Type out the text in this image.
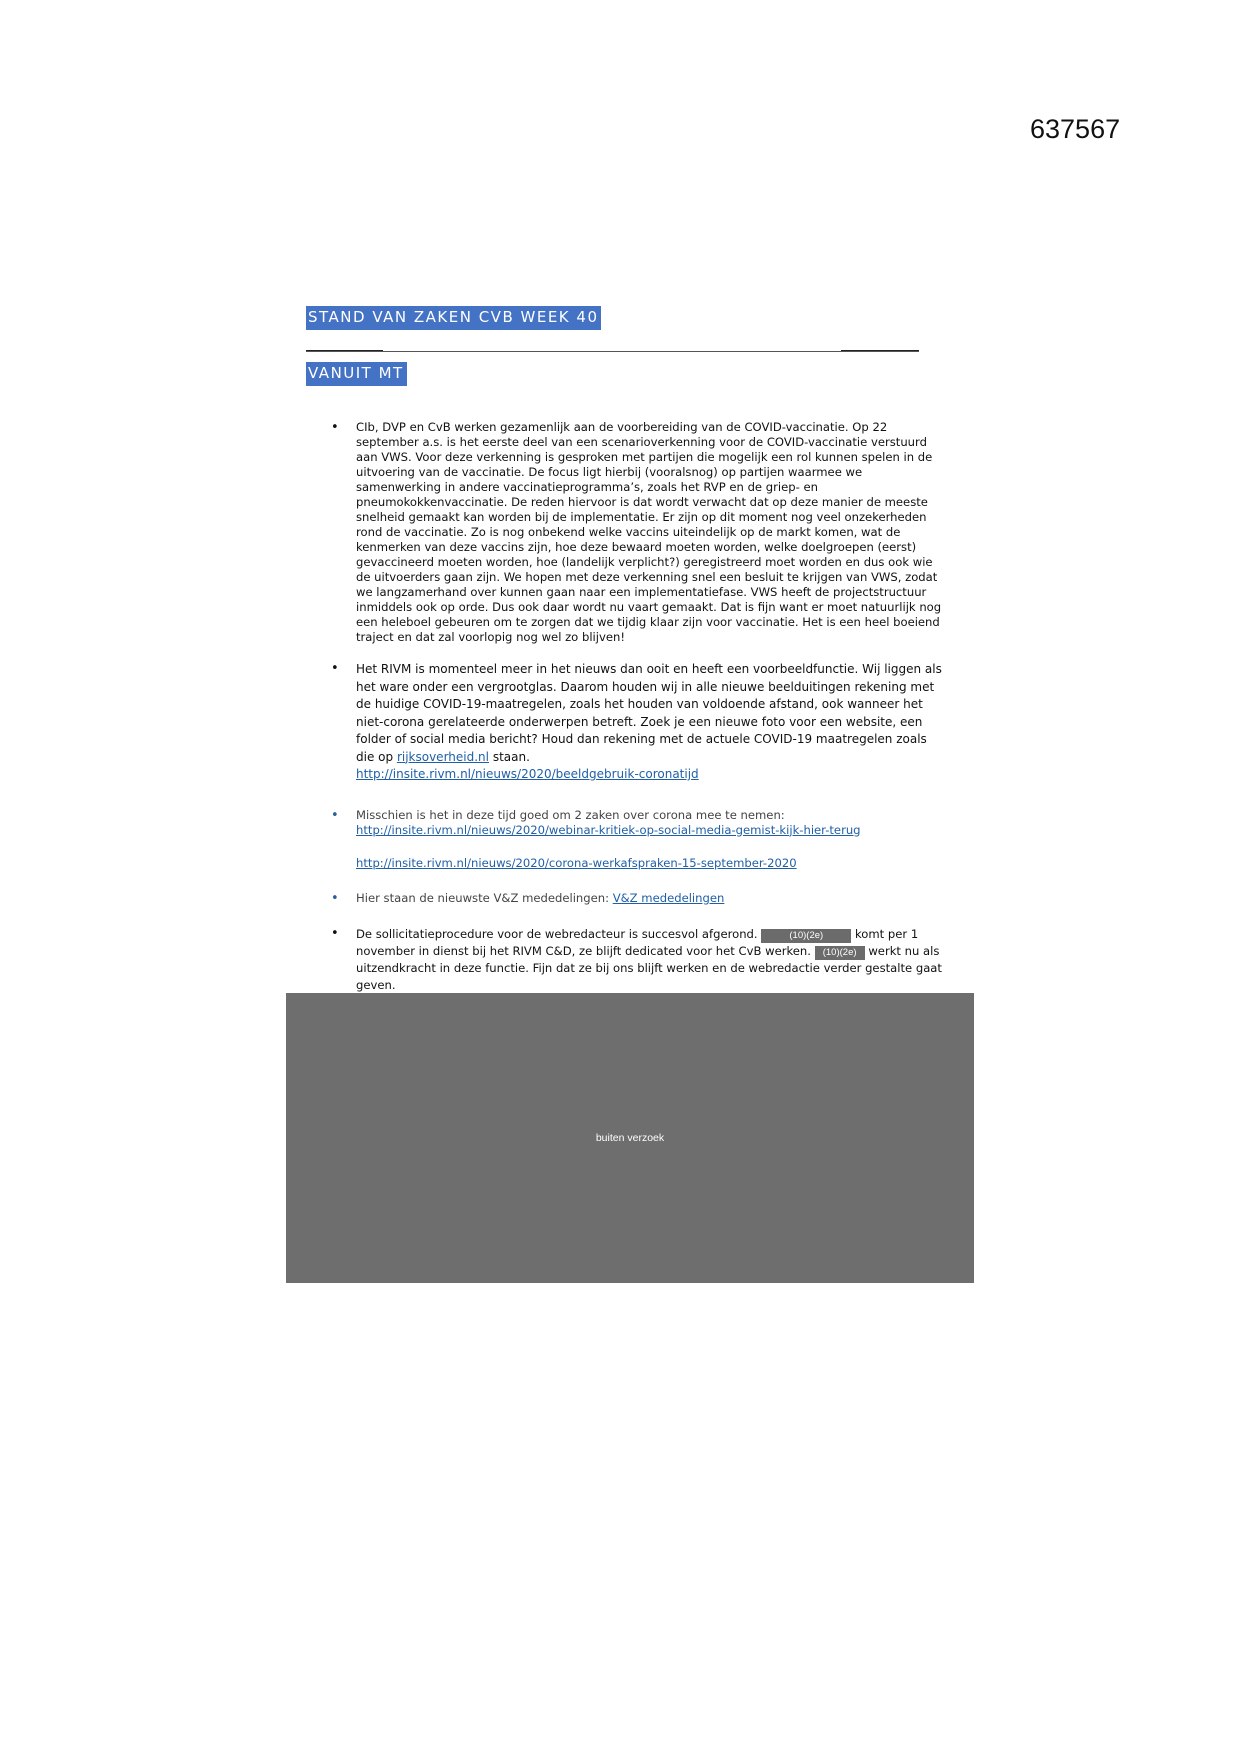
637567
STAND VAN ZAKEN CVB WEEK 40
VANUIT MT
• CIb, DVP en CvB werken gezamenlijk aan de voorbereiding van de COVID-vaccinatie. Op 22 september a.s. is het eerste deel van een scenarioverkenning voor de COVID-vaccinatie verstuurd aan VWS. Voor deze verkenning is gesproken met partijen die mogelijk een rol kunnen spelen in de uitvoering van de vaccinatie. De focus ligt hierbij (vooralsnog) op partijen waarmee we samenwerking in andere vaccinatieprogramma’s, zoals het RVP en de griep- en pneumokokkenvaccinatie. De reden hiervoor is dat wordt verwacht dat op deze manier de meeste snelheid gemaakt kan worden bij de implementatie. Er zijn op dit moment nog veel onzekerheden rond de vaccinatie. Zo is nog onbekend welke vaccins uiteindelijk op de markt komen, wat de kenmerken van deze vaccins zijn, hoe deze bewaard moeten worden, welke doelgroepen (eerst) gevaccineerd moeten worden, hoe (landelijk verplicht?) geregistreerd moet worden en dus ook wie de uitvoerders gaan zijn. We hopen met deze verkenning snel een besluit te krijgen van VWS, zodat we langzamerhand over kunnen gaan naar een implementatiefase. VWS heeft de projectstructuur inmiddels ook op orde. Dus ook daar wordt nu vaart gemaakt. Dat is fijn want er moet natuurlijk nog een heleboel gebeuren om te zorgen dat we tijdig klaar zijn voor vaccinatie. Het is een heel boeiend traject en dat zal voorlopig nog wel zo blijven!

• Het RIVM is momenteel meer in het nieuws dan ooit en heeft een voorbeeldfunctie. Wij liggen als het ware onder een vergrootglas. Daarom houden wij in alle nieuwe beelduitingen rekening met de huidige COVID-19-maatregelen, zoals het houden van voldoende afstand, ook wanneer het niet-corona gerelateerde onderwerpen betreft. Zoek je een nieuwe foto voor een website, een folder of social media bericht? Houd dan rekening met de actuele COVID-19 maatregelen zoals die op rijksoverheid.nl staan.
http://insite.rivm.nl/nieuws/2020/beeldgebruik-coronatijd

• Misschien is het in deze tijd goed om 2 zaken over corona mee te nemen:
http://insite.rivm.nl/nieuws/2020/webinar-kritiek-op-social-media-gemist-kijk-hier-terug
http://insite.rivm.nl/nieuws/2020/corona-werkafspraken-15-september-2020

• Hier staan de nieuwste V&Z mededelingen: V&Z mededelingen

• De sollicitatieprocedure voor de webredacteur is succesvol afgerond.	(10)(2e)	komt per 1 november in dienst bij het RIVM C&D, ze blijft dedicated voor het CvB werken. (10)(2e) werkt nu als uitzendkracht in deze functie. Fijn dat ze bij ons blijft werken en de webredactie verder gestalte gaat geven.

buiten verzoek
